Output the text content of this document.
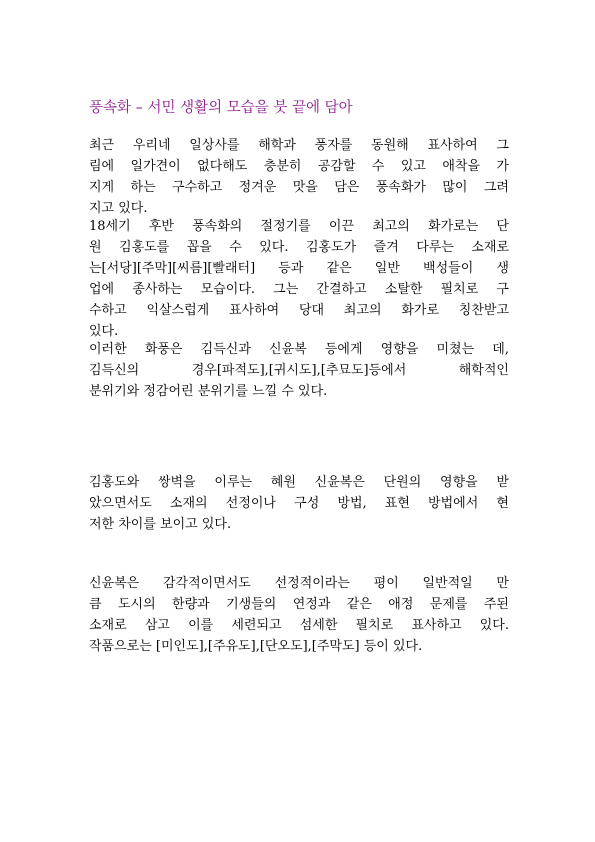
풍속화 – 서민 생활의 모습을 붓 끝에 담아

최근 우리네 일상사를 해학과 풍자를 동원해 표사하여 그
림에 일가견이 없다해도 충분히 공감할 수 있고 애착을 가
지게 하는 구수하고 정겨운 맛을 담은 풍속화가 많이 그려
지고 있다.

18세기 후반 풍속화의 절정기를 이끈 최고의 화가로는 단
원 김홍도를 꼽을 수 있다. 김홍도가 즐겨 다루는 소재로
는[서당][주막][씨름][빨래터] 등과 같은 일반 백성들이 생
업에 종사하는 모습이다. 그는 간결하고 소탈한 필치로 구
수하고 익살스럽게 표사하여 당대 최고의 화가로 칭찬받고
있다.

이러한 화풍은 김득신과 신윤복 등에게 영향을 미쳤는 데,
김득신의 경우[파적도],[귀시도],[추묘도]등에서 해학적인
분위기와 정감어린 분위기를 느낄 수 있다.

김홍도와 쌍벽을 이루는 혜원 신윤복은 단원의 영향을 받
았으면서도 소재의 선정이나 구성 방법, 표현 방법에서 현
저한 차이를 보이고 있다.

신윤복은 감각적이면서도 선정적이라는 평이 일반적일 만
큼 도시의 한량과 기생들의 연정과 같은 애정 문제를 주된
소재로 삼고 이를 세련되고 섬세한 필치로 표사하고 있다.
작품으로는 [미인도],[주유도],[단오도],[주막도] 등이 있다.
